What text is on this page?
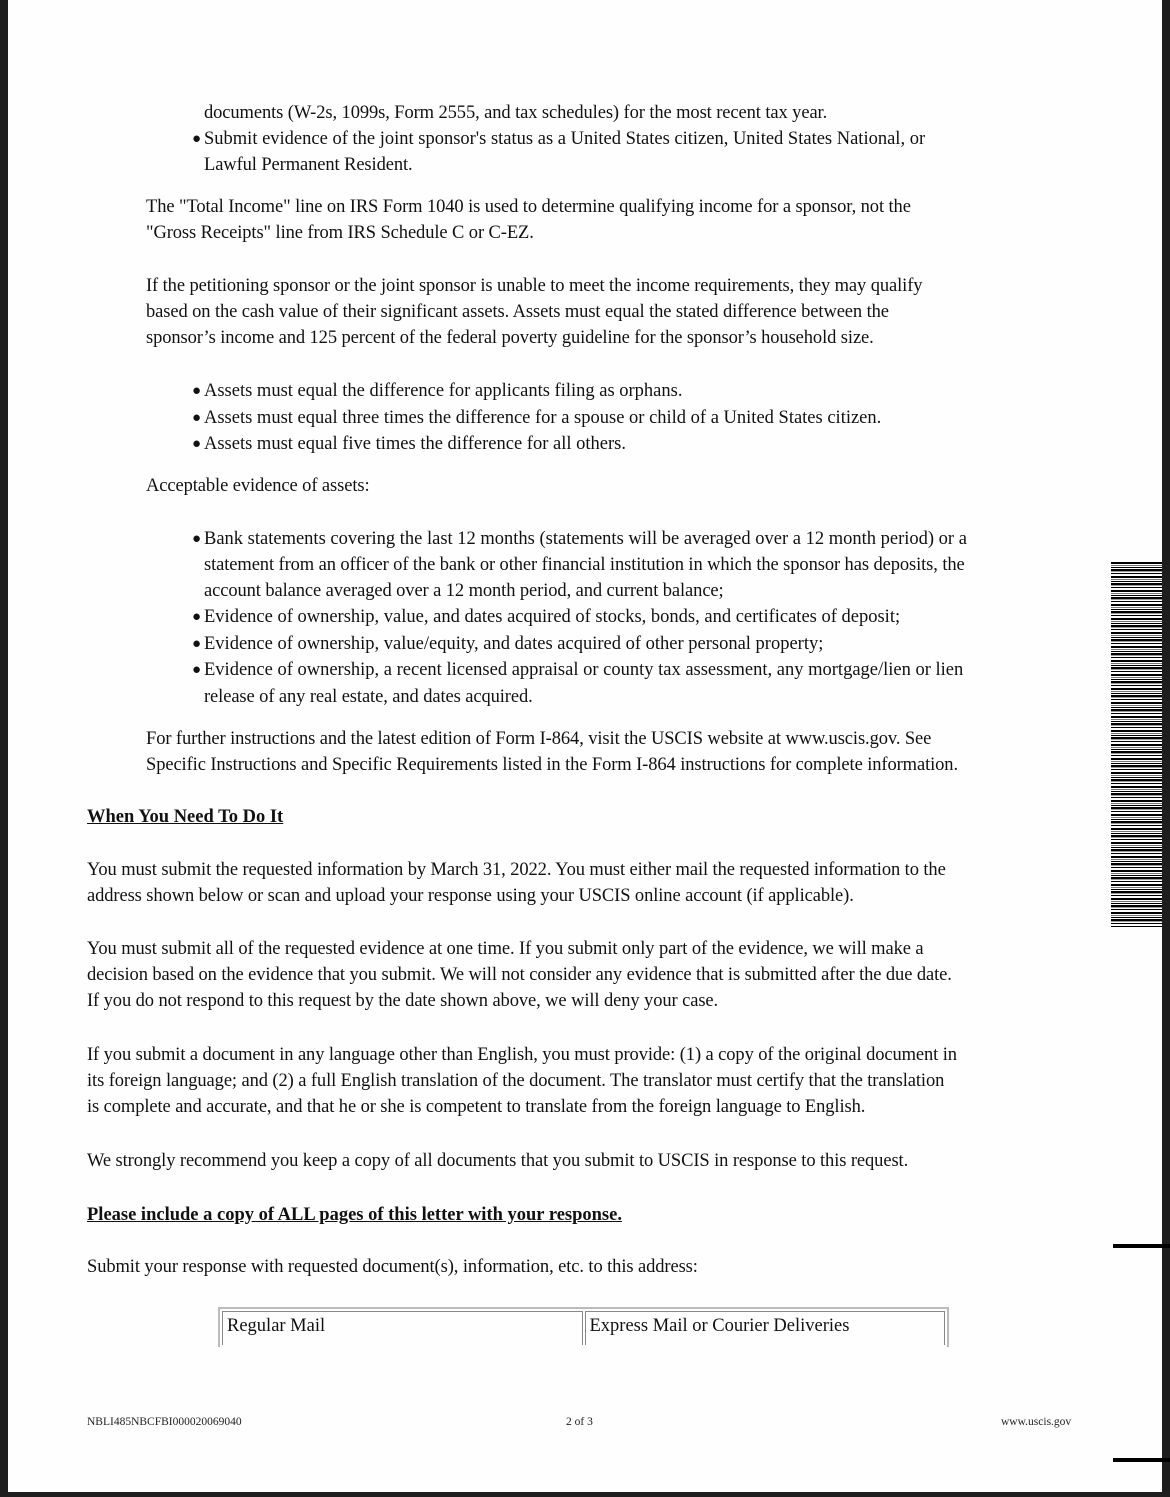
documents (W-2s, 1099s, Form 2555, and tax schedules) for the most recent tax year.
● Submit evidence of the joint sponsor's status as a United States citizen, United States National, or
Lawful Permanent Resident.
The "Total Income" line on IRS Form 1040 is used to determine qualifying income for a sponsor, not the
"Gross Receipts" line from IRS Schedule C or C-EZ.
If the petitioning sponsor or the joint sponsor is unable to meet the income requirements, they may qualify
based on the cash value of their significant assets. Assets must equal the stated difference between the
sponsor’s income and 125 percent of the federal poverty guideline for the sponsor’s household size.
● Assets must equal the difference for applicants filing as orphans.
● Assets must equal three times the difference for a spouse or child of a United States citizen.
● Assets must equal five times the difference for all others.
Acceptable evidence of assets:
● Bank statements covering the last 12 months (statements will be averaged over a 12 month period) or a
statement from an officer of the bank or other financial institution in which the sponsor has deposits, the
account balance averaged over a 12 month period, and current balance;
● Evidence of ownership, value, and dates acquired of stocks, bonds, and certificates of deposit;
● Evidence of ownership, value/equity, and dates acquired of other personal property;
● Evidence of ownership, a recent licensed appraisal or county tax assessment, any mortgage/lien or lien
release of any real estate, and dates acquired.
For further instructions and the latest edition of Form I-864, visit the USCIS website at www.uscis.gov. See
Specific Instructions and Specific Requirements listed in the Form I-864 instructions for complete information.
When You Need To Do It
You must submit the requested information by March 31, 2022. You must either mail the requested information to the
address shown below or scan and upload your response using your USCIS online account (if applicable).
You must submit all of the requested evidence at one time. If you submit only part of the evidence, we will make a
decision based on the evidence that you submit. We will not consider any evidence that is submitted after the due date.
If you do not respond to this request by the date shown above, we will deny your case.
If you submit a document in any language other than English, you must provide: (1) a copy of the original document in
its foreign language; and (2) a full English translation of the document. The translator must certify that the translation
is complete and accurate, and that he or she is competent to translate from the foreign language to English.
We strongly recommend you keep a copy of all documents that you submit to USCIS in response to this request.
Please include a copy of ALL pages of this letter with your response.
Submit your response with requested document(s), information, etc. to this address:
Regular Mail	Express Mail or Courier Deliveries
NBLI485NBCFBI000020069040	2 of 3	www.uscis.gov
